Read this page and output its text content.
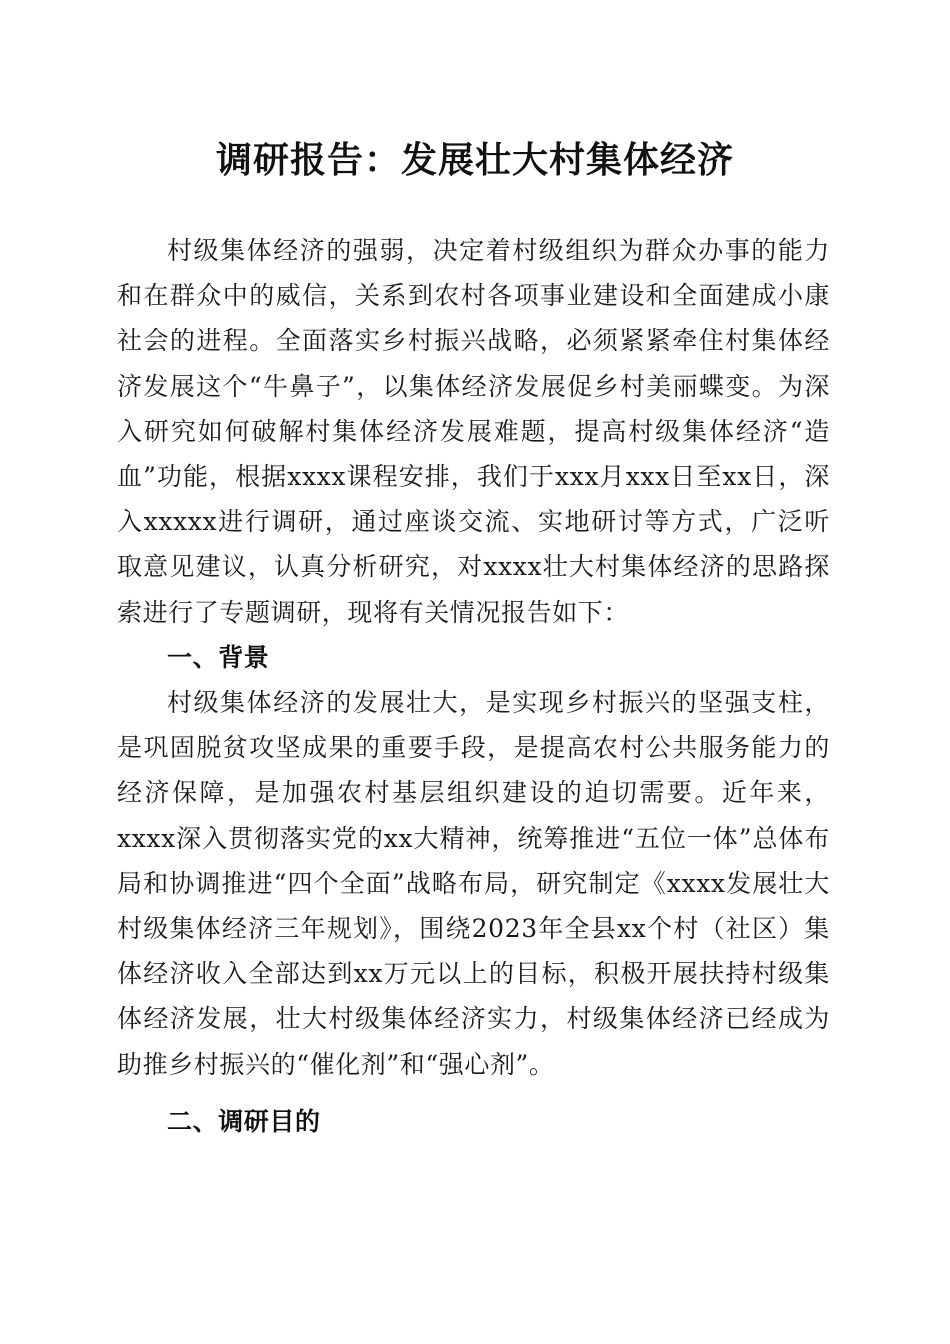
调研报告：发展壮大村集体经济

村级集体经济的强弱，决定着村级组织为群众办事的能力和在群众中的威信，关系到农村各项事业建设和全面建成小康社会的进程。全面落实乡村振兴战略，必须紧紧牵住村集体经济发展这个“牛鼻子”，以集体经济发展促乡村美丽蝶变。为深入研究如何破解村集体经济发展难题，提高村级集体经济“造血”功能，根据xxxx课程安排，我们于xxx月xxx日至xx日，深入xxxxx进行调研，通过座谈交流、实地研讨等方式，广泛听取意见建议，认真分析研究，对xxxx壮大村集体经济的思路探索进行了专题调研，现将有关情况报告如下：

一、背景

村级集体经济的发展壮大，是实现乡村振兴的坚强支柱，是巩固脱贫攻坚成果的重要手段，是提高农村公共服务能力的经济保障，是加强农村基层组织建设的迫切需要。近年来，xxxx深入贯彻落实党的xx大精神，统筹推进“五位一体”总体布局和协调推进“四个全面”战略布局，研究制定《xxxx发展壮大村级集体经济三年规划》，围绕2023年全县xx个村（社区）集体经济收入全部达到xx万元以上的目标，积极开展扶持村级集体经济发展，壮大村级集体经济实力，村级集体经济已经成为助推乡村振兴的“催化剂”和“强心剂”。

二、调研目的
